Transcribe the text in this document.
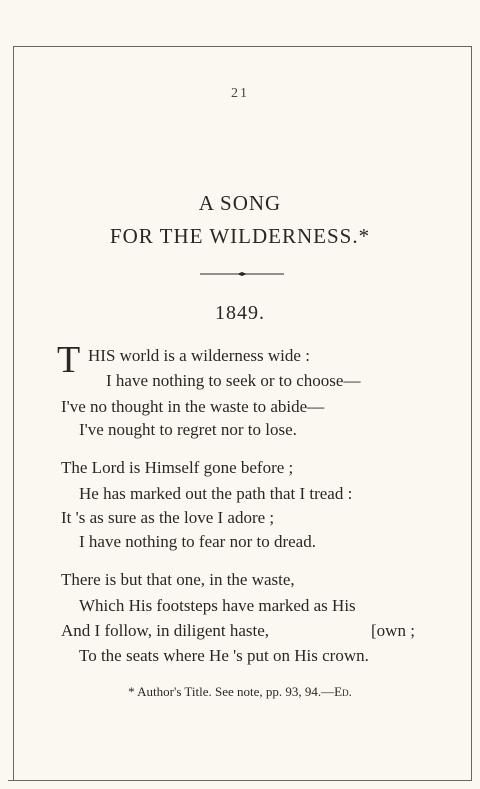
21
A SONG
FOR THE WILDERNESS.*
1849.
T HIS world is a wilderness wide :
I have nothing to seek or to choose—
I've no thought in the waste to abide—
I've nought to regret nor to lose.
The Lord is Himself gone before ;
He has marked out the path that I tread :
It 's as sure as the love I adore ;
I have nothing to fear nor to dread.
There is but that one, in the waste,
Which His footsteps have marked as His
And I follow, in diligent haste,	[own ;
To the seats where He 's put on His crown.
* Author's Title. See note, pp. 93, 94.—Ed.
